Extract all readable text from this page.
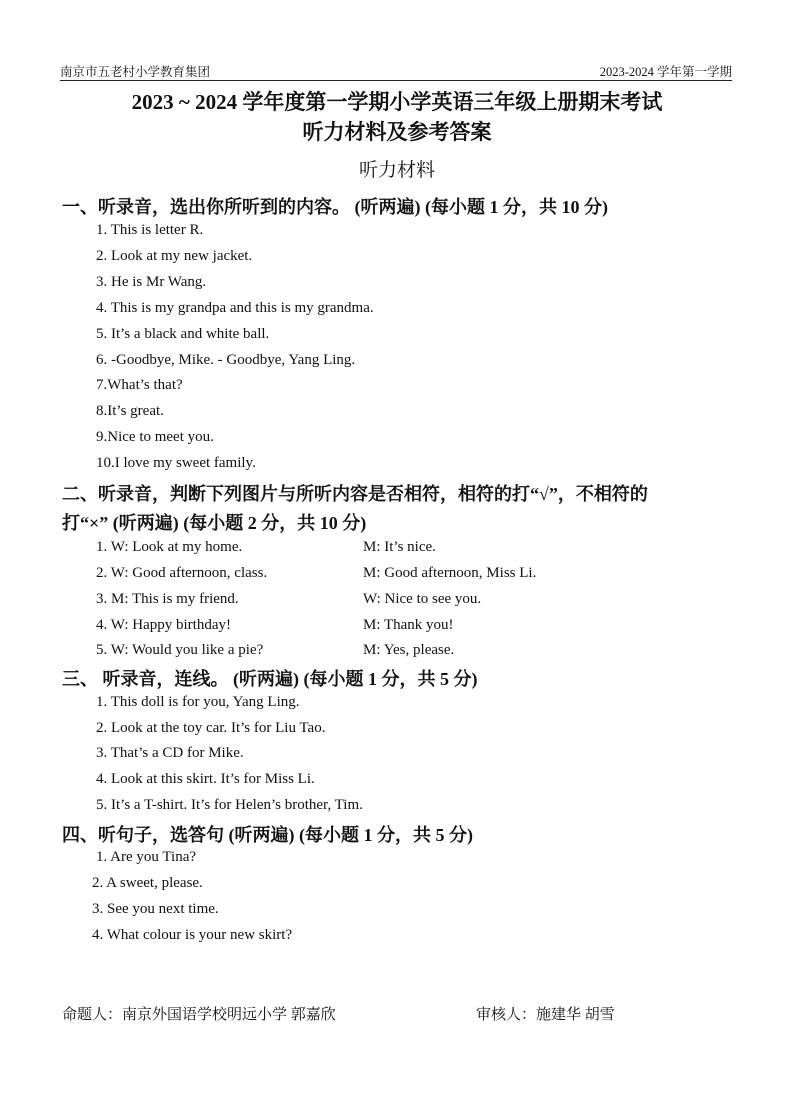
南京市五老村小学教育集团	2023-2024 学年第一学期
2023 ~ 2024 学年度第一学期小学英语三年级上册期末考试
听力材料及参考答案
听力材料
一、听录音，选出你所听到的内容。 (听两遍) (每小题 1 分，共 10 分)
1. This is letter R.
2. Look at my new jacket.
3. He is Mr Wang.
4. This is my grandpa and this is my grandma.
5. It’s a black and white ball.
6. -Goodbye, Mike. - Goodbye, Yang Ling.
7.What’s that?
8.It’s great.
9.Nice to meet you.
10.I love my sweet family.
二、听录音，判断下列图片与所听内容是否相符，相符的打“√”，不相符的
打“×” (听两遍) (每小题 2 分，共 10 分)
1. W: Look at my home.	M: It’s nice.
2. W: Good afternoon, class.	M: Good afternoon, Miss Li.
3. M: This is my friend.	W: Nice to see you.
4. W: Happy birthday!	M: Thank you!
5. W: Would you like a pie?	M: Yes, please.
三、 听录音，连线。 (听两遍) (每小题 1 分，共 5 分)
1. This doll is for you, Yang Ling.
2. Look at the toy car. It’s for Liu Tao.
3. That’s a CD for Mike.
4. Look at this skirt. It’s for Miss Li.
5. It’s a T-shirt. It’s for Helen’s brother, Tim.
四、听句子，选答句 (听两遍) (每小题 1 分，共 5 分)
1. Are you Tina?
2. A sweet, please.
3. See you next time.
4. What colour is your new skirt?
命题人：南京外国语学校明远小学 郭嘉欣	审核人：施建华 胡雪
